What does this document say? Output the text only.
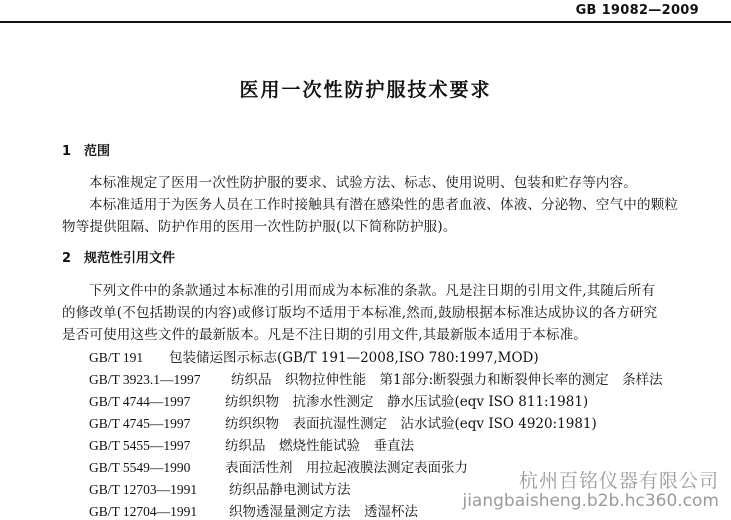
GB 19082—2009
医用一次性防护服技术要求
1 范围
本标准规定了医用一次性防护服的要求、试验方法、标志、使用说明、包装和贮存等内容。
本标准适用于为医务人员在工作时接触具有潜在感染性的患者血液、体液、分泌物、空气中的颗粒
物等提供阻隔、防护作用的医用一次性防护服(以下简称防护服)。
2 规范性引用文件
下列文件中的条款通过本标准的引用而成为本标准的条款。凡是注日期的引用文件,其随后所有
的修改单(不包括勘误的内容)或修订版均不适用于本标准,然而,鼓励根据本标准达成协议的各方研究
是否可使用这些文件的最新版本。凡是不注日期的引用文件,其最新版本适用于本标准。
GB/T 191 包装储运图示标志(GB/T 191—2008,ISO 780:1997,MOD)
GB/T 3923.1—1997 纺织品　织物拉伸性能　第1部分:断裂强力和断裂伸长率的测定　条样法
GB/T 4744—1997	纺织织物　抗渗水性测定　静水压试验(eqv ISO 811:1981)
GB/T 4745—1997	纺织织物　表面抗湿性测定　沾水试验(eqv ISO 4920:1981)
GB/T 5455—1997	纺织品　燃烧性能试验　垂直法
GB/T 5549—1990	表面活性剂　用拉起液膜法测定表面张力
GB/T 12703—1991 纺织品静电测试方法
GB/T 12704—1991 织物透湿量测定方法　透湿杯法
杭州百铭仪器有限公司
jiangbaisheng.b2b.hc360.com
